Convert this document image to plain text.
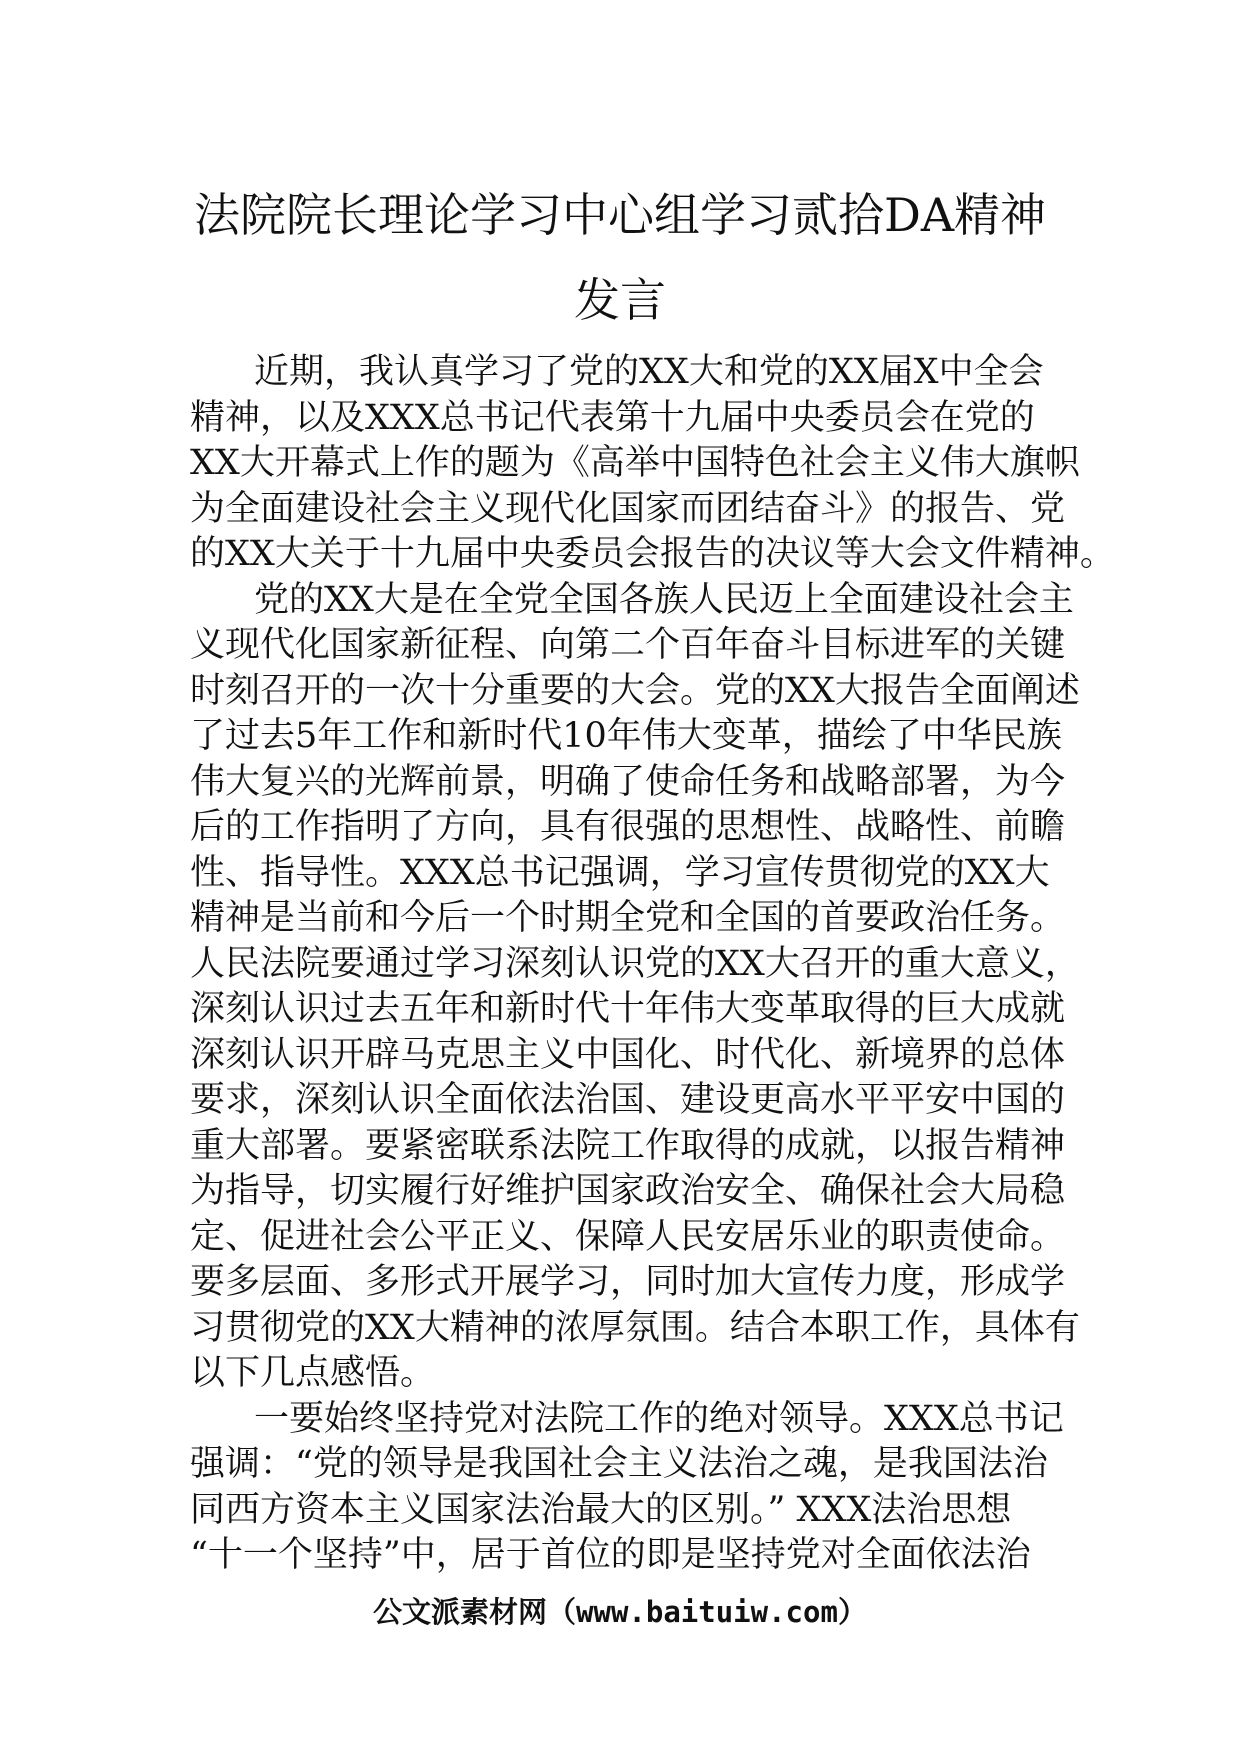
法院院长理论学习中心组学习贰拾DA精神
发言
近期，我认真学习了党的XX大和党的XX届X中全会
精神，以及XXX总书记代表第十九届中央委员会在党的
XX大开幕式上作的题为《高举中国特色社会主义伟大旗帜
为全面建设社会主义现代化国家而团结奋斗》的报告、党
的XX大关于十九届中央委员会报告的决议等大会文件精神。
党的XX大是在全党全国各族人民迈上全面建设社会主
义现代化国家新征程、向第二个百年奋斗目标进军的关键
时刻召开的一次十分重要的大会。党的XX大报告全面阐述
了过去5年工作和新时代10年伟大变革，描绘了中华民族
伟大复兴的光辉前景，明确了使命任务和战略部署，为今
后的工作指明了方向，具有很强的思想性、战略性、前瞻
性、指导性。XXX总书记强调，学习宣传贯彻党的XX大
精神是当前和今后一个时期全党和全国的首要政治任务。
人民法院要通过学习深刻认识党的XX大召开的重大意义，
深刻认识过去五年和新时代十年伟大变革取得的巨大成就
深刻认识开辟马克思主义中国化、时代化、新境界的总体
要求，深刻认识全面依法治国、建设更高水平平安中国的
重大部署。要紧密联系法院工作取得的成就，以报告精神
为指导，切实履行好维护国家政治安全、确保社会大局稳
定、促进社会公平正义、保障人民安居乐业的职责使命。
要多层面、多形式开展学习，同时加大宣传力度，形成学
习贯彻党的XX大精神的浓厚氛围。结合本职工作，具体有
以下几点感悟。
一要始终坚持党对法院工作的绝对领导。XXX总书记
强调：“党的领导是我国社会主义法治之魂，是我国法治
同西方资本主义国家法治最大的区别。” XXX法治思想
“十一个坚持”中，居于首位的即是坚持党对全面依法治
公文派素材网（www.baituiw.com）
